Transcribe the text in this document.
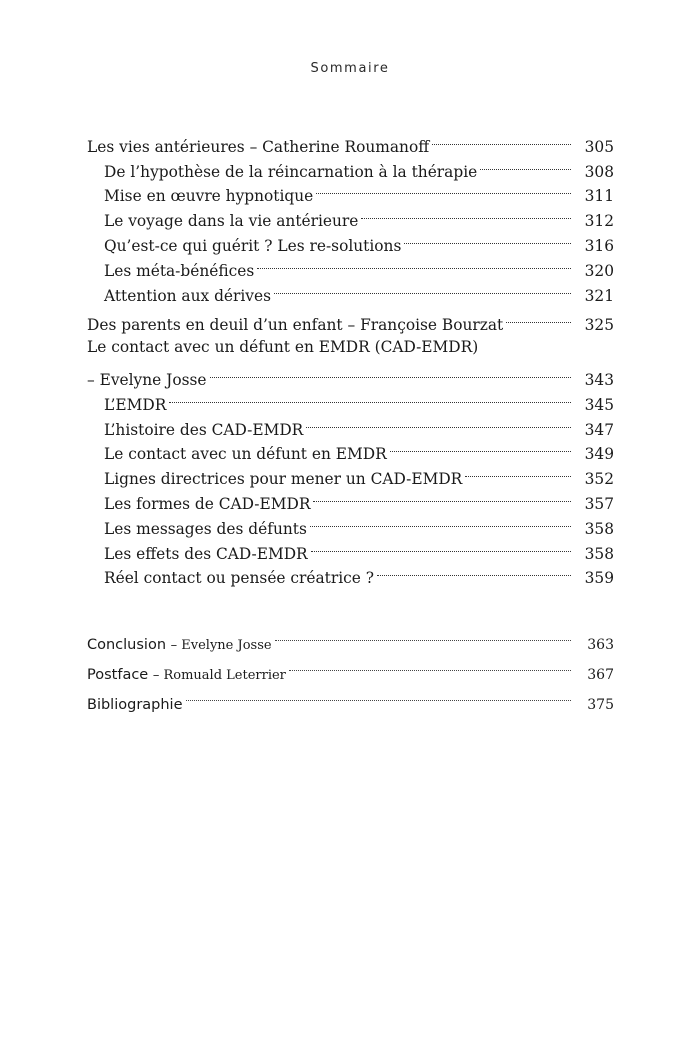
Sommaire
Les vies antérieures – Catherine Roumanoff	305
De l’hypothèse de la réincarnation à la thérapie	308
Mise en œuvre hypnotique	311
Le voyage dans la vie antérieure	312
Qu’est-ce qui guérit ? Les re-solutions	316
Les méta-bénéfices	320
Attention aux dérives	321
Des parents en deuil d’un enfant – Françoise Bourzat	325
Le contact avec un défunt en EMDR (CAD-EMDR)
– Evelyne Josse	343
L’EMDR	345
L’histoire des CAD-EMDR	347
Le contact avec un défunt en EMDR	349
Lignes directrices pour mener un CAD-EMDR	352
Les formes de CAD-EMDR	357
Les messages des défunts	358
Les effets des CAD-EMDR	358
Réel contact ou pensée créatrice ?	359
Conclusion – Evelyne Josse	363
Postface – Romuald Leterrier	367
Bibliographie	375
